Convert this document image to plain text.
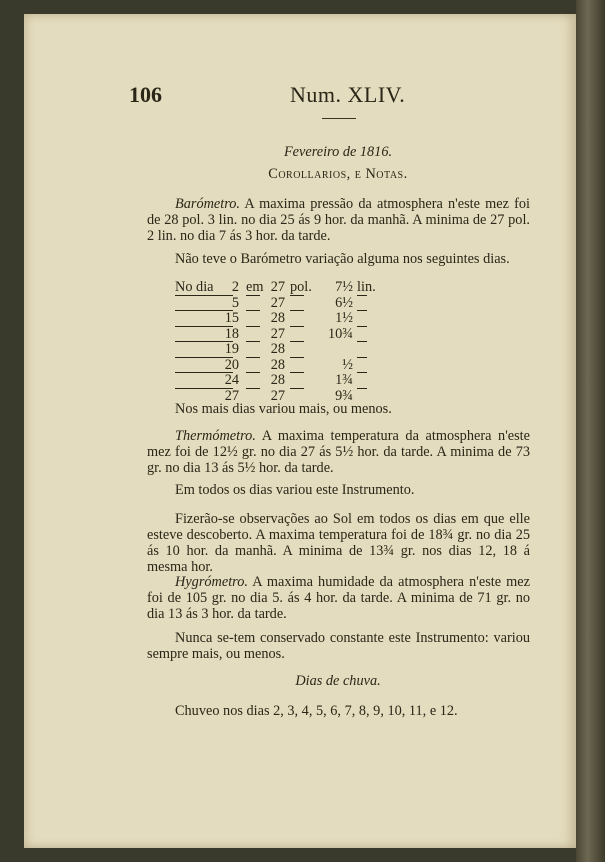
106	Num. XLIV.
Fevereiro de 1816.
Corollarios, e Notas.
Barómetro. A maxima pressão da atmosphera n'este mez foi de 28 pol. 3 lin. no dia 25 ás 9 hor. da manhã. A minima de 27 pol. 2 lin. no dia 7 ás 3 hor. da tarde.
Não teve o Barómetro variação alguma nos seguintes dias.
No dia	2 em 27 pol.	7½ lin.
5 27	6½
15 28	1½
18 27	10¾
19 28
20 28	½
24 28	1¾
27 27	9¾
Nos mais dias variou mais, ou menos.
Thermómetro. A maxima temperatura da atmosphera n'este mez foi de 12½ gr. no dia 27 ás 5½ hor. da tarde. A minima de 73 gr. no dia 13 ás 5½ hor. da tarde.
Em todos os dias variou este Instrumento.
Fizerão-se observações ao Sol em todos os dias em que elle esteve descoberto. A maxima temperatura foi de 18¾ gr. no dia 25 ás 10 hor. da manhã. A minima de 13¾ gr. nos dias 12, 18 á mesma hor.
Hygrómetro. A maxima humidade da atmosphera n'este mez foi de 105 gr. no dia 5. ás 4 hor. da tarde. A minima de 71 gr. no dia 13 ás 3 hor. da tarde.
Nunca se-tem conservado constante este Instrumento: variou sempre mais, ou menos.
Dias de chuva.
Chuveo nos dias 2, 3, 4, 5, 6, 7, 8, 9, 10, 11, e 12.
